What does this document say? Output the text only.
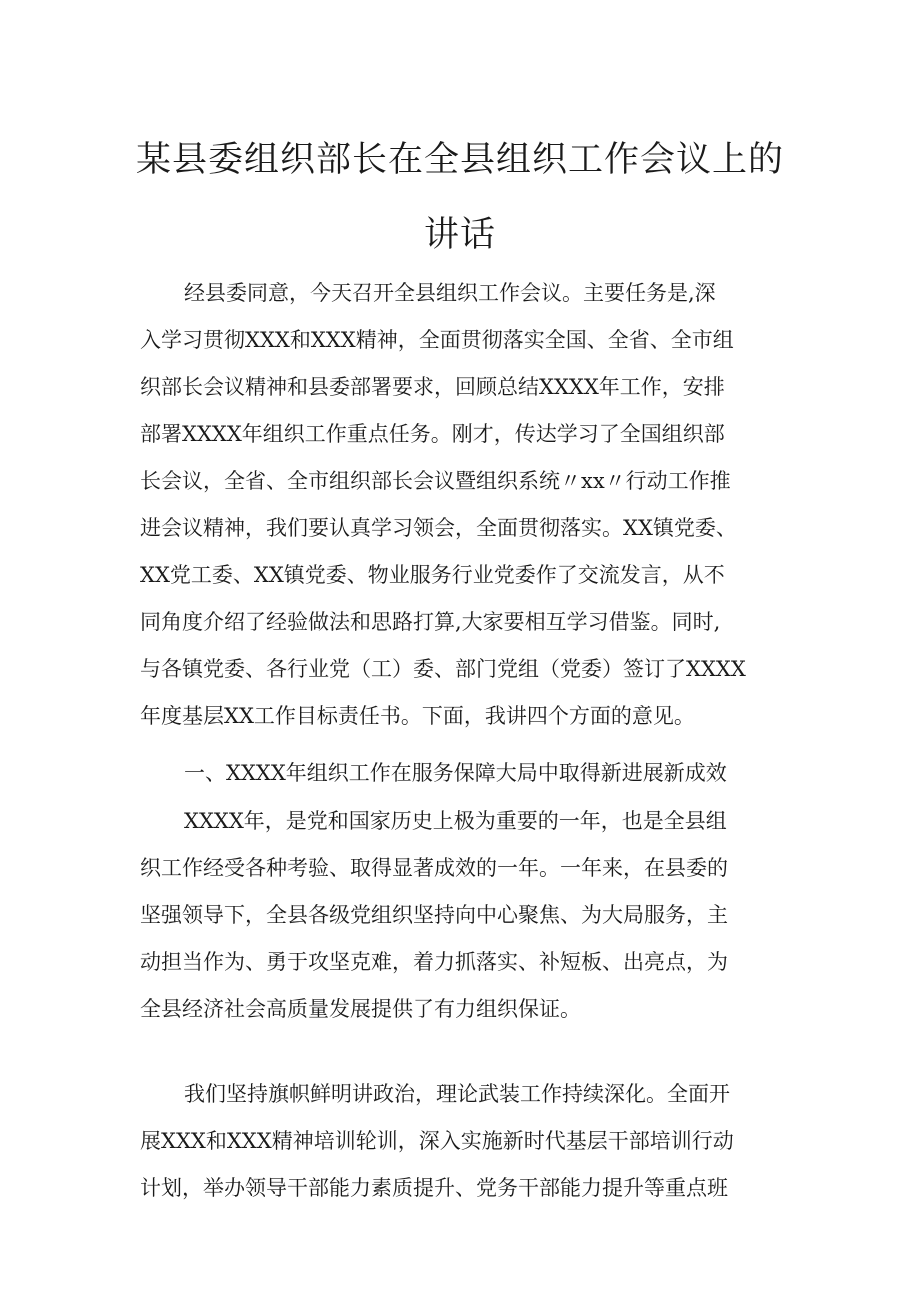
某县委组织部长在全县组织工作会议上的
讲话
经县委同意，今天召开全县组织工作会议。主要任务是,深
入学习贯彻XXX和XXX精神，全面贯彻落实全国、全省、全市组
织部长会议精神和县委部署要求，回顾总结XXXX年工作，安排
部署XXXX年组织工作重点任务。刚才，传达学习了全国组织部
长会议，全省、全市组织部长会议暨组织系统〃xx〃行动工作推
进会议精神，我们要认真学习领会，全面贯彻落实。XX镇党委、
XX党工委、XX镇党委、物业服务行业党委作了交流发言，从不
同角度介绍了经验做法和思路打算,大家要相互学习借鉴。同时,
与各镇党委、各行业党（工）委、部门党组（党委）签订了XXXX
年度基层XX工作目标责任书。下面，我讲四个方面的意见。
一、XXXX年组织工作在服务保障大局中取得新进展新成效
XXXX年，是党和国家历史上极为重要的一年，也是全县组
织工作经受各种考验、取得显著成效的一年。一年来，在县委的
坚强领导下，全县各级党组织坚持向中心聚焦、为大局服务，主
动担当作为、勇于攻坚克难，着力抓落实、补短板、出亮点，为
全县经济社会高质量发展提供了有力组织保证。
我们坚持旗帜鲜明讲政治，理论武装工作持续深化。全面开
展XXX和XXX精神培训轮训，深入实施新时代基层干部培训行动
计划，举办领导干部能力素质提升、党务干部能力提升等重点班
